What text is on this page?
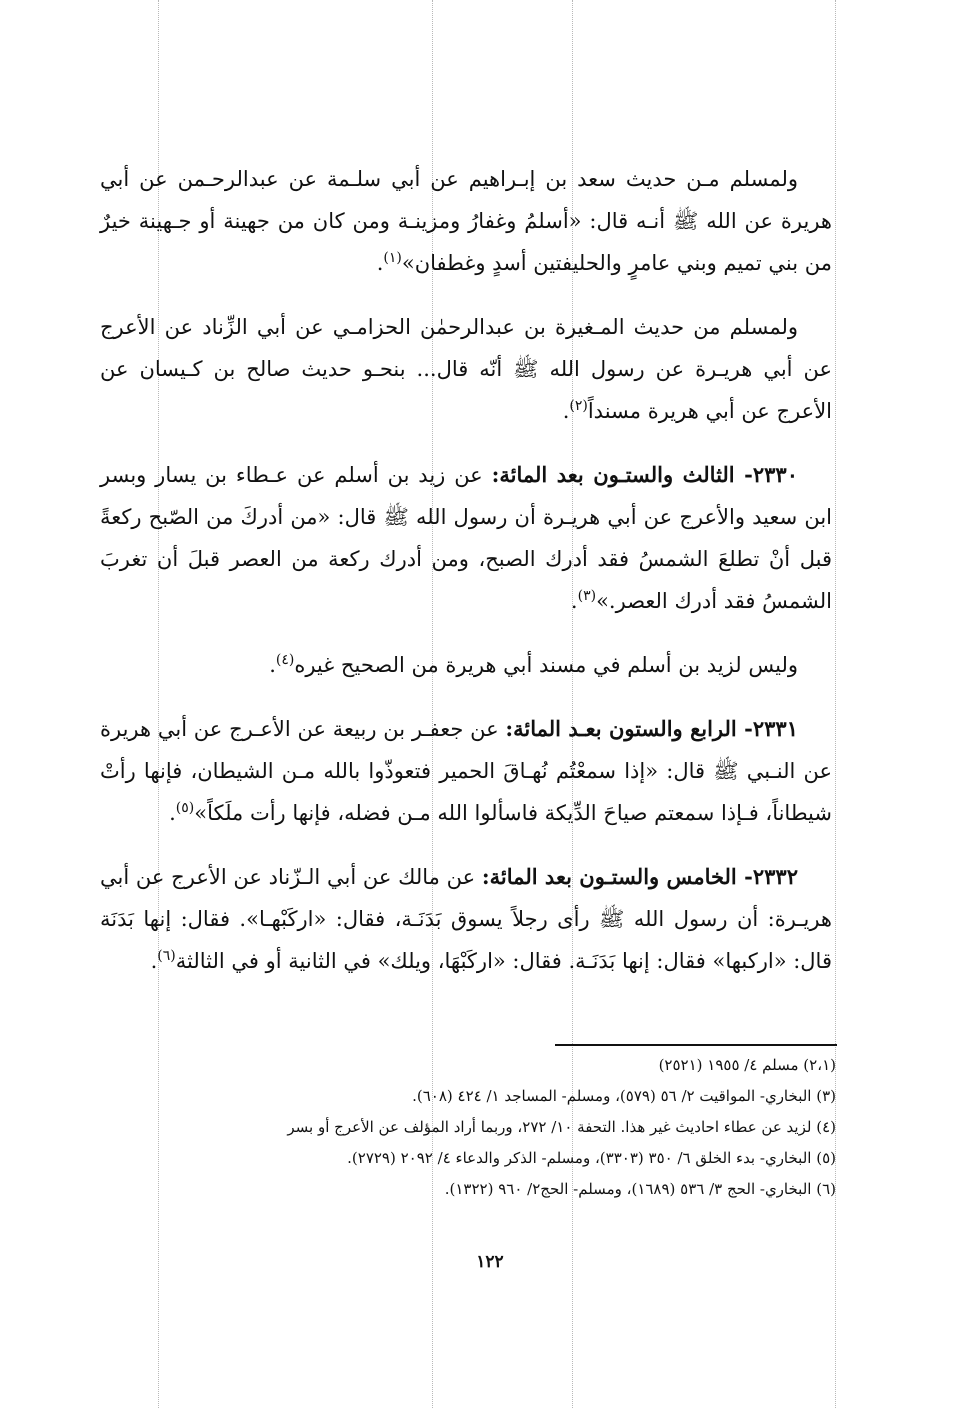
ولمسلم مـن حديث سعد بن إبـراهيم عن أبي سلـمة عن عبدالرحـمن عن أبي هريرة عن الله ﷺ أنـه قال: «أسلمُ وغفارُ ومزينـة ومن كان من جهينة أو جـهينة خيرٌ من بني تميم وبني عامرٍ والحليفتين أسدٍ وغطفان»$^{(١)}$.

ولمسلم من حديث المـغيرة بن عبدالرحمٰن الحزامـي عن أبي الزِّناد عن الأعرج عن أبي هريـرة عن رسول الله ﷺ أنّه قال... بنحـو حديث صالح بن كـيسان عن الأعرج عن أبي هريرة مسنداً$^{(٢)}$.

٢٣٣٠- الثالث والستـون بعد المائة: عن زيد بن أسلم عن عـطاء بن يسار وبسر ابن سعيد والأعرج عن أبي هريـرة أن رسول الله ﷺ قال: «من أدركَ من الصّبح ركعةً قبل أنْ تطلعَ الشمسُ فقد أدرك الصبح، ومن أدرك ركعة من العصر قبلَ أن تغربَ الشمسُ فقد أدرك العصر.»$^{(٣)}$.

وليس لزيد بن أسلم في مسند أبي هريرة من الصحيح غيره$^{(٤)}$.

٢٣٣١- الرابع والستون بعـد المائة: عن جعفـر بن ربيعة عن الأعـرج عن أبي هريرة عن النـبي ﷺ قال: «إذا سمعْتُم نُهـاقَ الحمير فتعوذّوا بالله مـن الشيطان، فإنها رأتْ شيطاناً، فـإذا سمعتم صياحَ الدِّيكة فاسألوا الله مـن فضله، فإنها رأت ملَكاً»$^{(٥)}$.

٢٣٣٢- الخامس والستـون بعد المائة: عن مالك عن أبي الـزّناد عن الأعرج عن أبي هريـرة: أن رسول الله ﷺ رأى رجلاً يسوق بَدَنَـة، فقال: «اركَبْهـا». فقال: إنها بَدَنَة قال: «اركبها» فقال: إنها بَدَنَـة. فقال: «اركَبْهَا، ويلك» في الثانية أو في الثالثة$^{(٦)}$.

(٢،١) مسلم ٤/ ١٩٥٥ (٢٥٢١)
(٣) البخاري- المواقيت ٢/ ٥٦ (٥٧٩)، ومسلم- المساجد ١/ ٤٢٤ (٦٠٨).
(٤) لزيد عن عطاء احاديث غير هذا. التحفة ١٠/ ٢٧٢، وربما أراد المؤلف عن الأعرج أو بسر
(٥) البخاري- بدء الخلق ٦/ ٣٥٠ (٣٣٠٣)، ومسلم- الذكر والدعاء ٤/ ٢٠٩٢ (٢٧٢٩).
(٦) البخاري- الحج ٣/ ٥٣٦ (١٦٨٩)، ومسلم- الحج٢/ ٩٦٠ (١٣٢٢).
١٢٢
